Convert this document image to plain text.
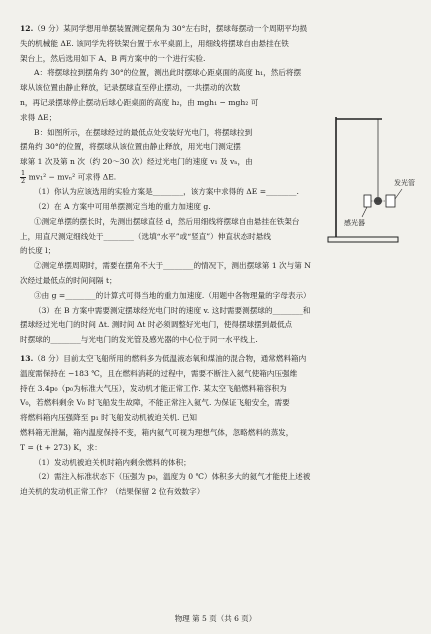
12.（9 分）某同学想用单摆装置测定摆角为 30°左右时，摆球每摆动一个周期平均损

失的机械能 ΔE. 该同学先将铁架台置于水平桌面上，用细线将摆球自由悬挂在铁

架台上，然后选用如下 A、B 两方案中的一个进行实验.

A：将摆球拉到摆角约 30°的位置，测出此时摆球心距桌面的高度 h₁，然后将摆

球从该位置由静止释放，记录摆球直至停止摆动，一共摆动的次数

n，再记录摆球停止摆动后球心距桌面的高度 h₂，由 mgh₁ − mgh₂ 可

求得 ΔE；

B：如图所示，在摆球经过的最低点处安装好光电门，将摆球拉到

摆角约 30°的位置，将摆球从该位置由静止释放，用光电门测定摆

球第 1 次及第 n 次（约 20～30 次）经过光电门的速度 v₁ 及 vₙ，由

$\frac{1}{2} mv_1^2 - mv_n^2$ 可求得 ΔE.

（1）你认为应该选用的实验方案是________，该方案中求得的 ΔE =________.

（2）在 A 方案中可用单摆测定当地的重力加速度 g.

①测定单摆的摆长时，先测出摆球直径 d，然后用细线将摆球自由悬挂在铁架台

上，用直尺测定细线处于________（选填“水平”或“竖直”）伸直状态时悬线

的长度 l；

②测定单摆周期时，需要在摆角不大于________的情况下，测出摆球第 1 次与第 N

次经过最低点的时间间隔 t；

③由 g =________的计算式可得当地的重力加速度.（用题中各物理量的字母表示）

（3）在 B 方案中需要测定摆球经光电门时的速度 v. 这时需要测摆球的________和

摆球经过光电门的时间 Δt. 测时间 Δt 时必须调整好光电门，使得摆球摆到最低点

时摆球的________与光电门的发光管及感光器的中心位于同一水平线上.

发光管
感光器

13.（8 分）目前太空飞船所用的燃料多为低温液态氧和煤油的混合物，通常燃料箱内

温度需保持在 −183 ℃，且在燃料消耗的过程中，需要不断注入氦气使箱内压强维

持在 3.4p₀（p₀为标准大气压），发动机才能正常工作. 某太空飞船燃料箱容积为

V₀，若燃料剩余 V₀ 时飞船发生故障，不能正常注入氦气. 为保证飞船安全，需要

将燃料箱内压强降至 p₁ 时飞船发动机被迫关机. 已知

燃料箱无泄漏，箱内温度保持不变，箱内氦气可视为理想气体，忽略燃料的蒸发，

T = (t + 273) K，求：

（1）发动机被迫关机时箱内剩余燃料的体积；

（2）需注入标准状态下（压强为 p₀，温度为 0 ℃）体积多大的氦气才能使上述被

迫关机的发动机正常工作？（结果保留 2 位有效数字）

物理 第 5 页（共 6 页）
